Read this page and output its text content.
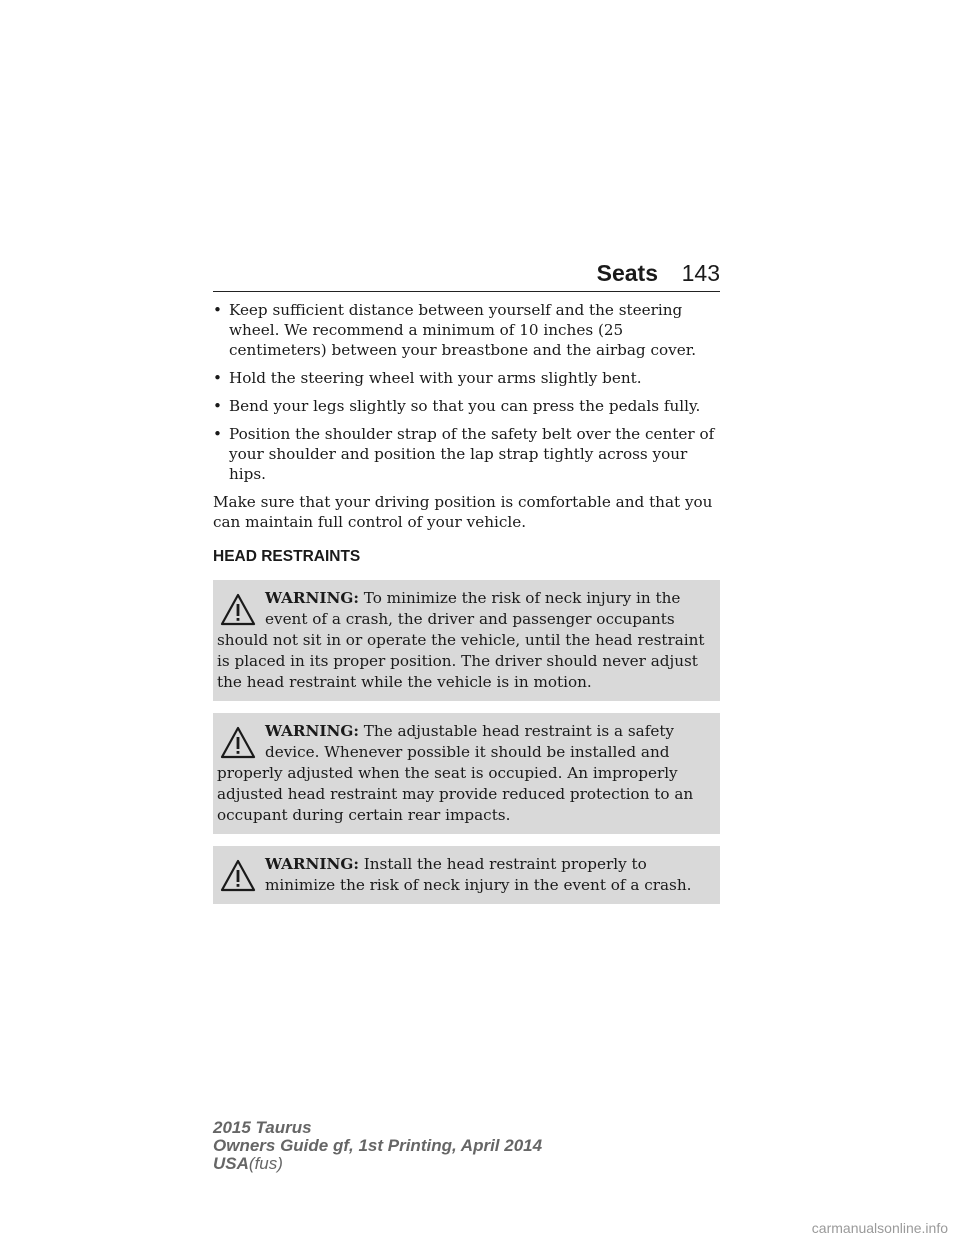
Seats 143
• Keep sufficient distance between yourself and the steering wheel. We recommend a minimum of 10 inches (25 centimeters) between your breastbone and the airbag cover.
• Hold the steering wheel with your arms slightly bent.
• Bend your legs slightly so that you can press the pedals fully.
• Position the shoulder strap of the safety belt over the center of your shoulder and position the lap strap tightly across your hips.

Make sure that your driving position is comfortable and that you can maintain full control of your vehicle.

HEAD RESTRAINTS
WARNING: To minimize the risk of neck injury in the event of a crash, the driver and passenger occupants should not sit in or operate the vehicle, until the head restraint is placed in its proper position. The driver should never adjust the head restraint while the vehicle is in motion.
WARNING: The adjustable head restraint is a safety device. Whenever possible it should be installed and properly adjusted when the seat is occupied. An improperly adjusted head restraint may provide reduced protection to an occupant during certain rear impacts.
WARNING: Install the head restraint properly to minimize the risk of neck injury in the event of a crash.
2015 Taurus
Owners Guide gf, 1st Printing, April 2014
USA(fus)
carmanualsonline.info
